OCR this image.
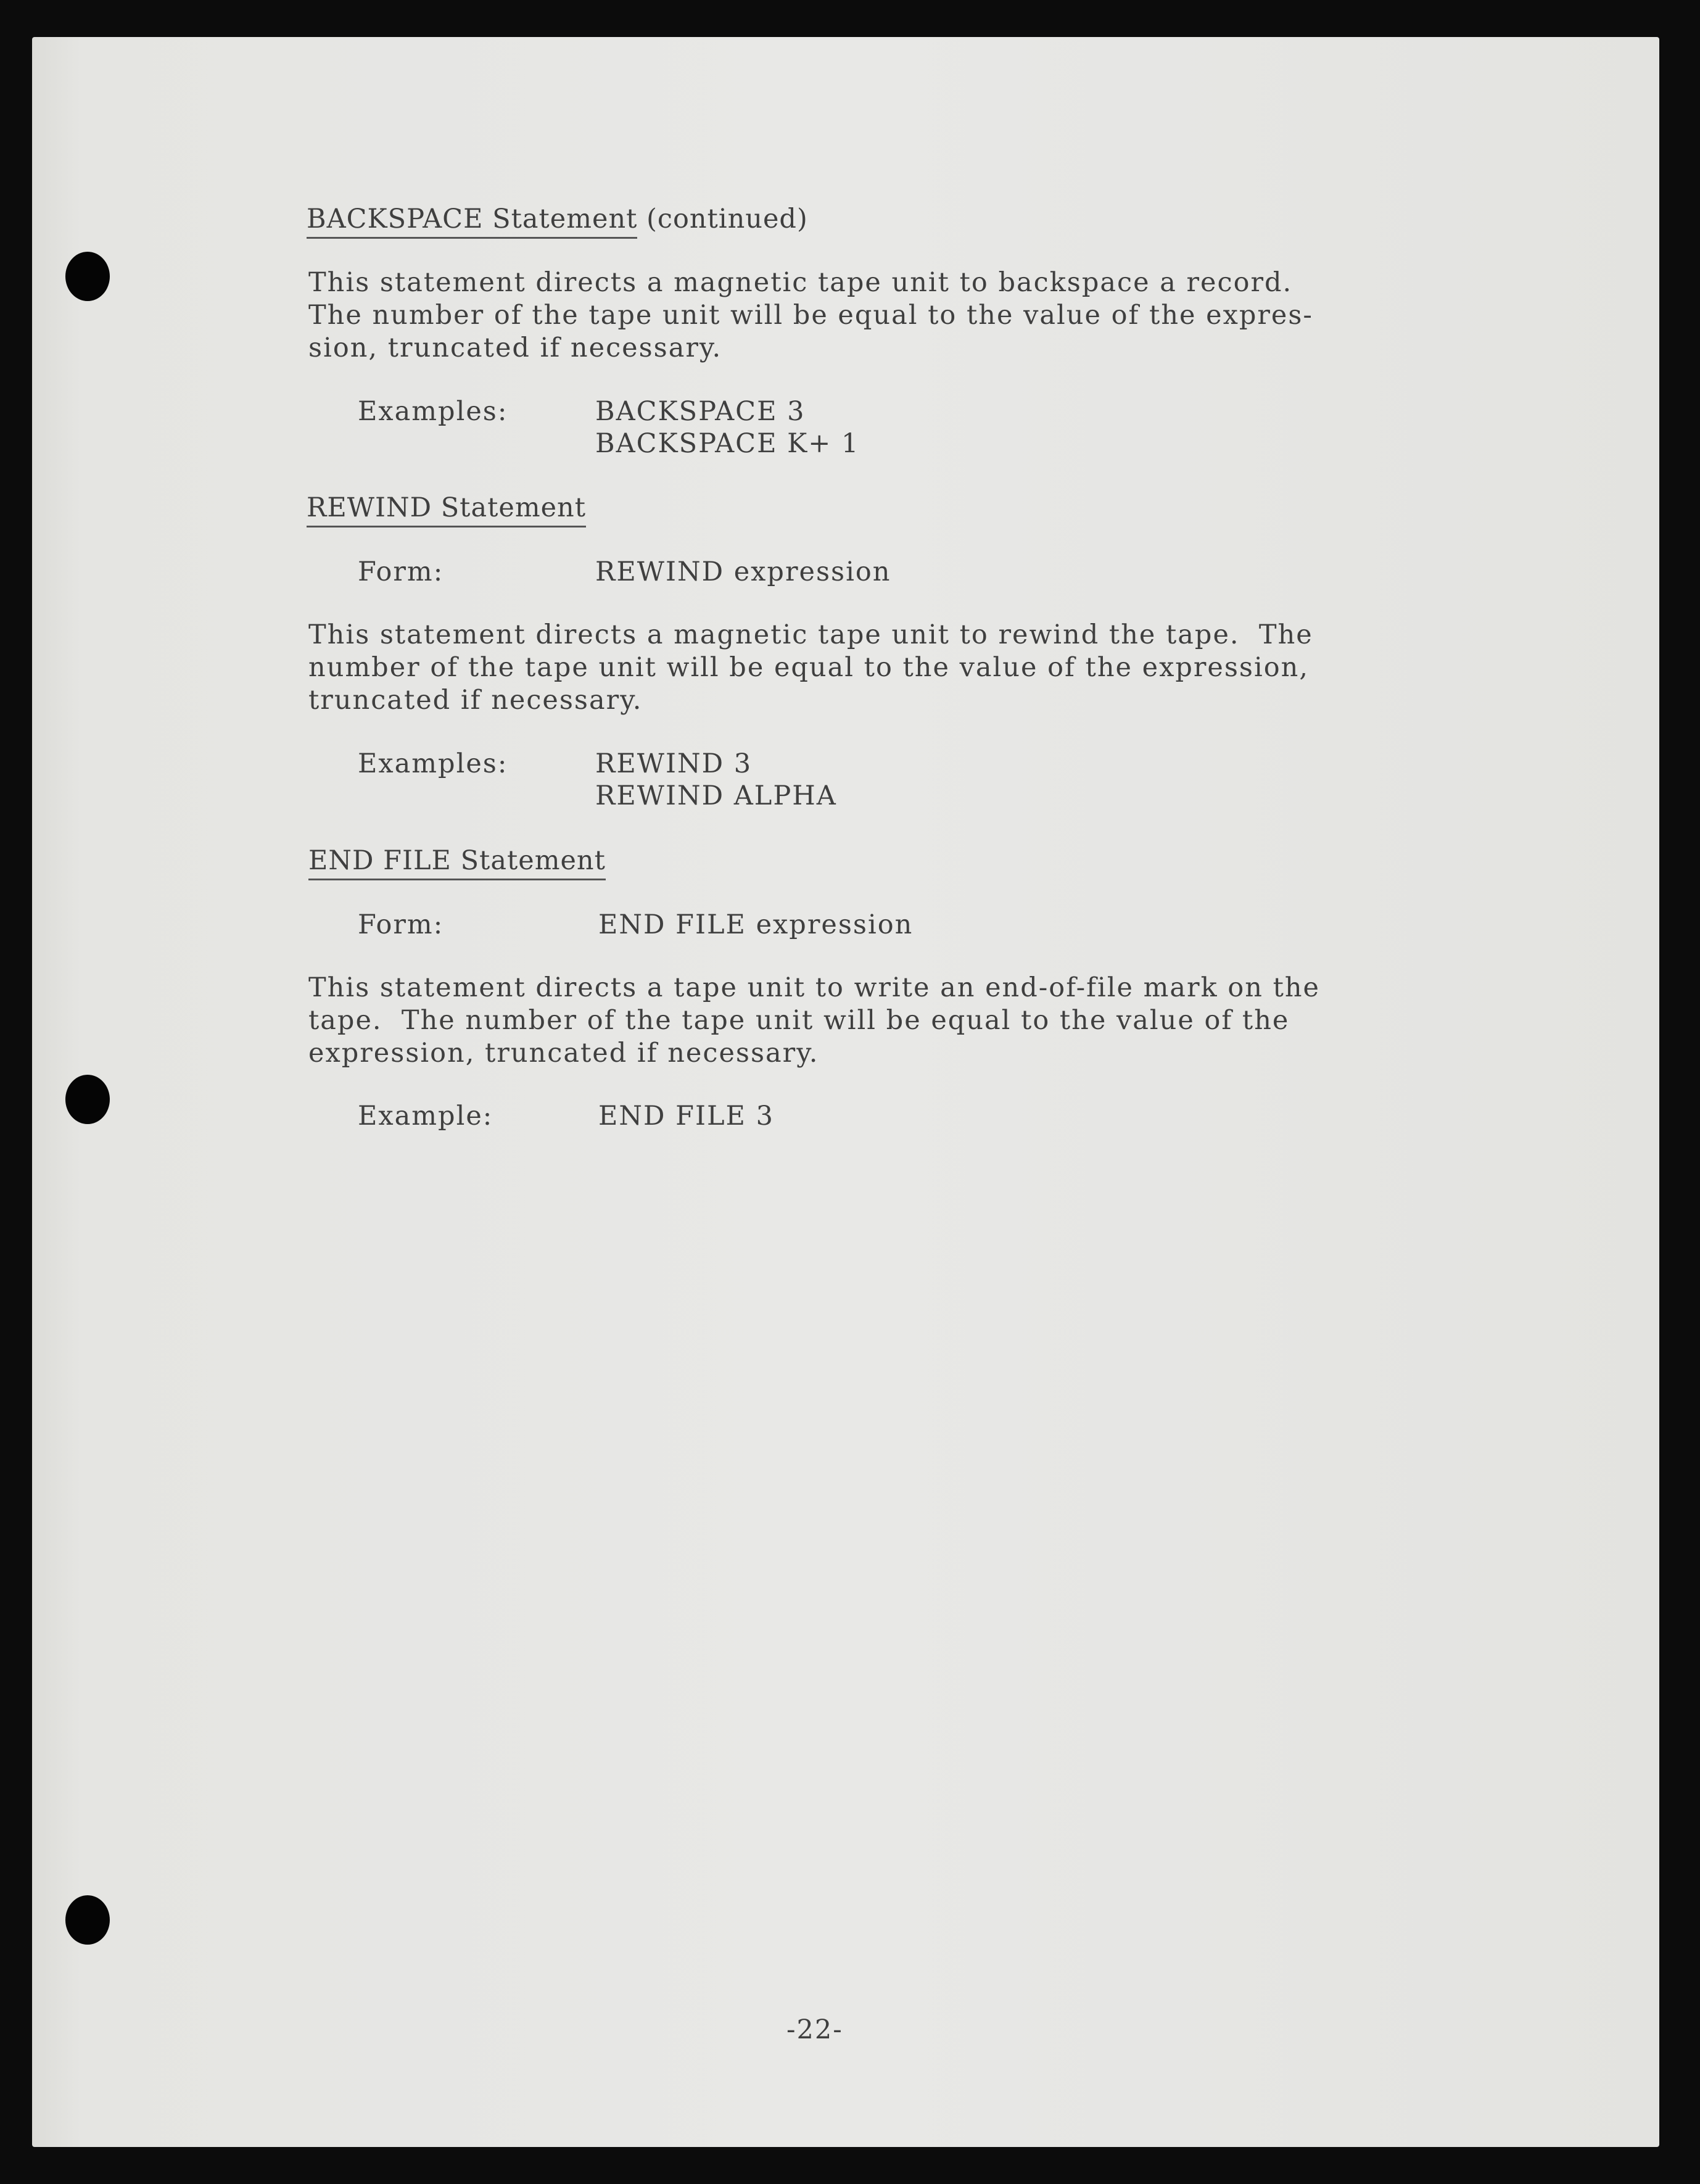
BACKSPACE Statement (continued)
This statement directs a magnetic tape unit to backspace a record.
The number of the tape unit will be equal to the value of the expres-
sion, truncated if necessary.
Examples:	BACKSPACE 3
BACKSPACE K+ 1
REWIND Statement
Form:	REWIND expression
This statement directs a magnetic tape unit to rewind the tape.  The
number of the tape unit will be equal to the value of the expression,
truncated if necessary.
Examples:	REWIND 3
REWIND ALPHA
END FILE Statement
Form:	END FILE expression
This statement directs a tape unit to write an end-of-file mark on the
tape.  The number of the tape unit will be equal to the value of the
expression, truncated if necessary.
Example:	END FILE 3
-22-
